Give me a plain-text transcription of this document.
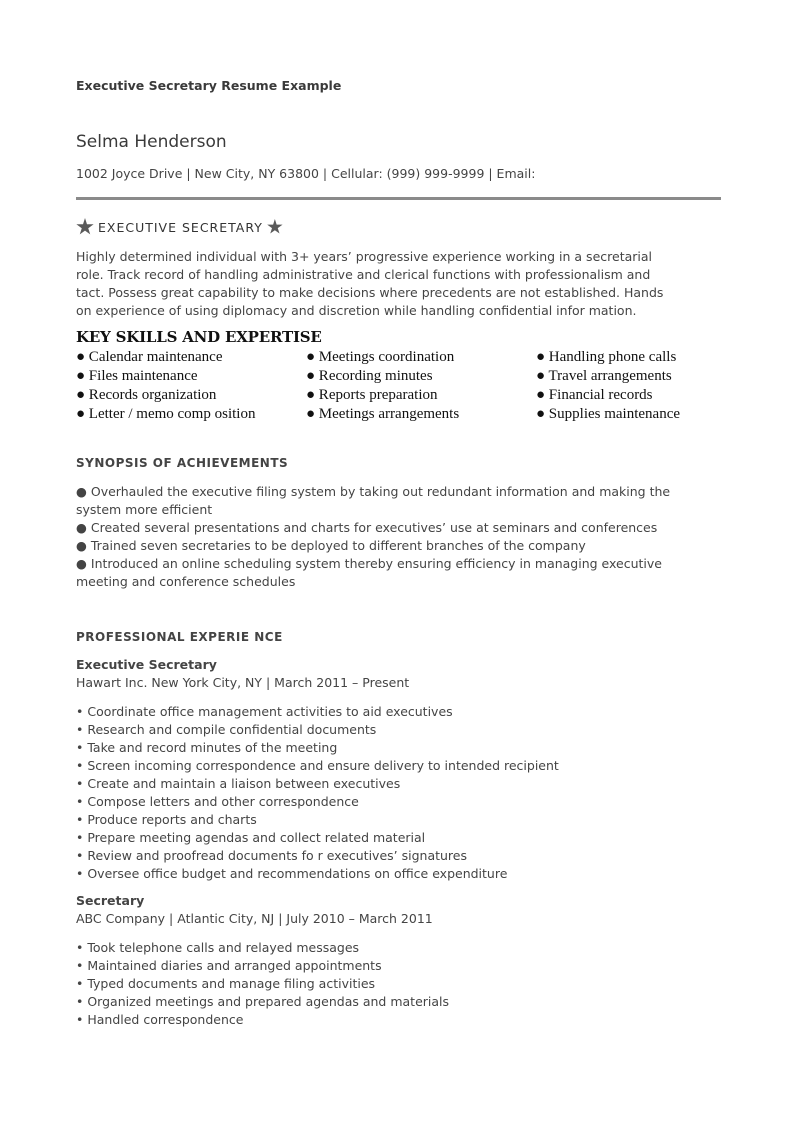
Executive Secretary Resume Example
Selma Henderson
1002 Joyce Drive | New City, NY 63800 | Cellular: (999) 999-9999 | Email:
EXECUTIVE SECRETARY
Highly determined individual with 3+ years’ progressive experience working in a secretarial
role. Track record of handling administrative and clerical functions with professionalism and
tact. Possess great capability to make decisions where precedents are not established. Hands
on experience of using diplomacy and discretion while handling confidential infor mation.
KEY SKILLS AND EXPERTISE
● Calendar maintenance	● Meetings coordination	● Handling phone calls
● Files maintenance	● Recording minutes	● Travel arrangements
● Records organization	● Reports preparation	● Financial records
● Letter / memo comp osition	● Meetings arrangements	● Supplies maintenance
SYNOPSIS OF ACHIEVEMENTS
● Overhauled the executive filing system by taking out redundant information and making the
system more efficient
● Created several presentations and charts for executives’ use at seminars and conferences
● Trained seven secretaries to be deployed to different branches of the company
● Introduced an online scheduling system thereby ensuring efficiency in managing executive
meeting and conference schedules
PROFESSIONAL EXPERIE NCE
Executive Secretary
Hawart Inc. New York City, NY | March 2011 – Present
• Coordinate office management activities to aid executives
• Research and compile confidential documents
• Take and record minutes of the meeting
• Screen incoming correspondence and ensure delivery to intended recipient
• Create and maintain a liaison between executives
• Compose letters and other correspondence
• Produce reports and charts
• Prepare meeting agendas and collect related material
• Review and proofread documents fo r executives’ signatures
• Oversee office budget and recommendations on office expenditure
Secretary
ABC Company | Atlantic City, NJ | July 2010 – March 2011
• Took telephone calls and relayed messages
• Maintained diaries and arranged appointments
• Typed documents and manage filing activities
• Organized meetings and prepared agendas and materials
• Handled correspondence
